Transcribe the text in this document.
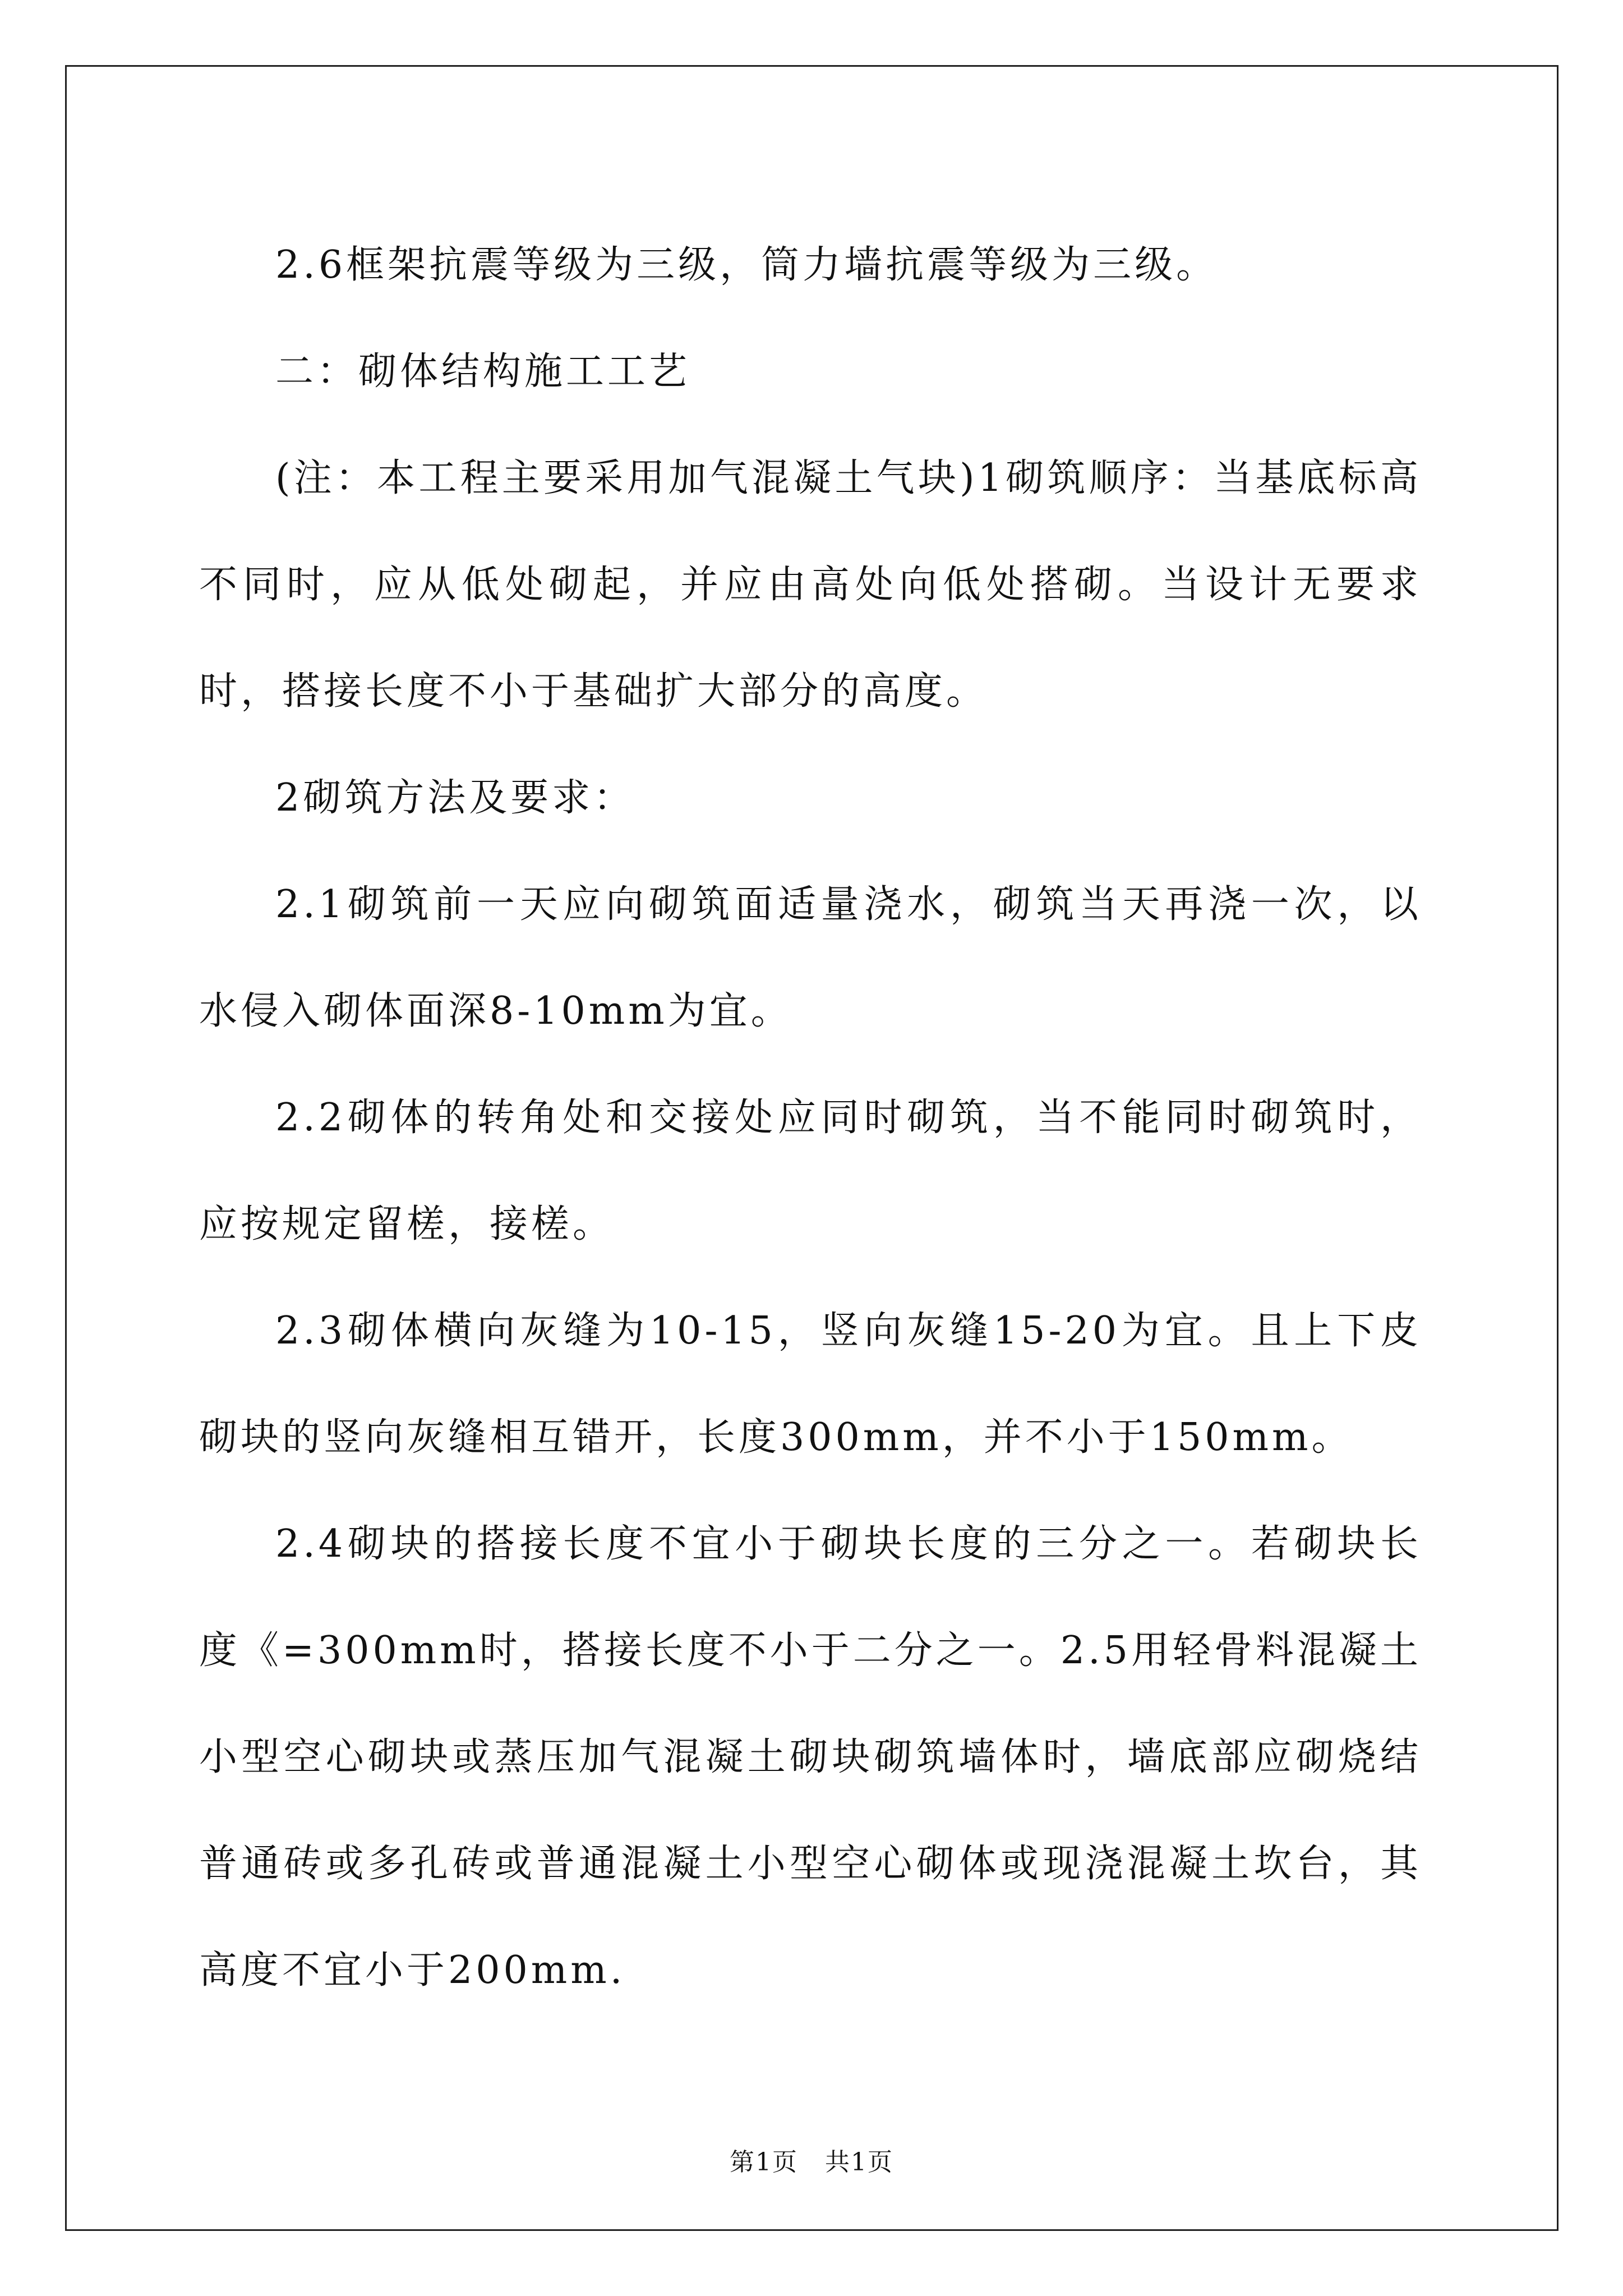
2.6框架抗震等级为三级，筒力墙抗震等级为三级。

二：砌体结构施工工艺

(注：本工程主要采用加气混凝土气块)1砌筑顺序：当基底标高不同时，应从低处砌起，并应由高处向低处搭砌。当设计无要求时，搭接长度不小于基础扩大部分的高度。

2砌筑方法及要求：

2.1砌筑前一天应向砌筑面适量浇水，砌筑当天再浇一次，以水侵入砌体面深8-10mm为宜。

2.2砌体的转角处和交接处应同时砌筑，当不能同时砌筑时，应按规定留槎，接槎。

2.3砌体横向灰缝为10-15，竖向灰缝15-20为宜。且上下皮砌块的竖向灰缝相互错开，长度300mm，并不小于150mm。

2.4砌块的搭接长度不宜小于砌块长度的三分之一。若砌块长度《=300mm时，搭接长度不小于二分之一。2.5用轻骨料混凝土小型空心砌块或蒸压加气混凝土砌块砌筑墙体时，墙底部应砌烧结普通砖或多孔砖或普通混凝土小型空心砌体或现浇混凝土坎台，其高度不宜小于200mm.

第1页 共1页
